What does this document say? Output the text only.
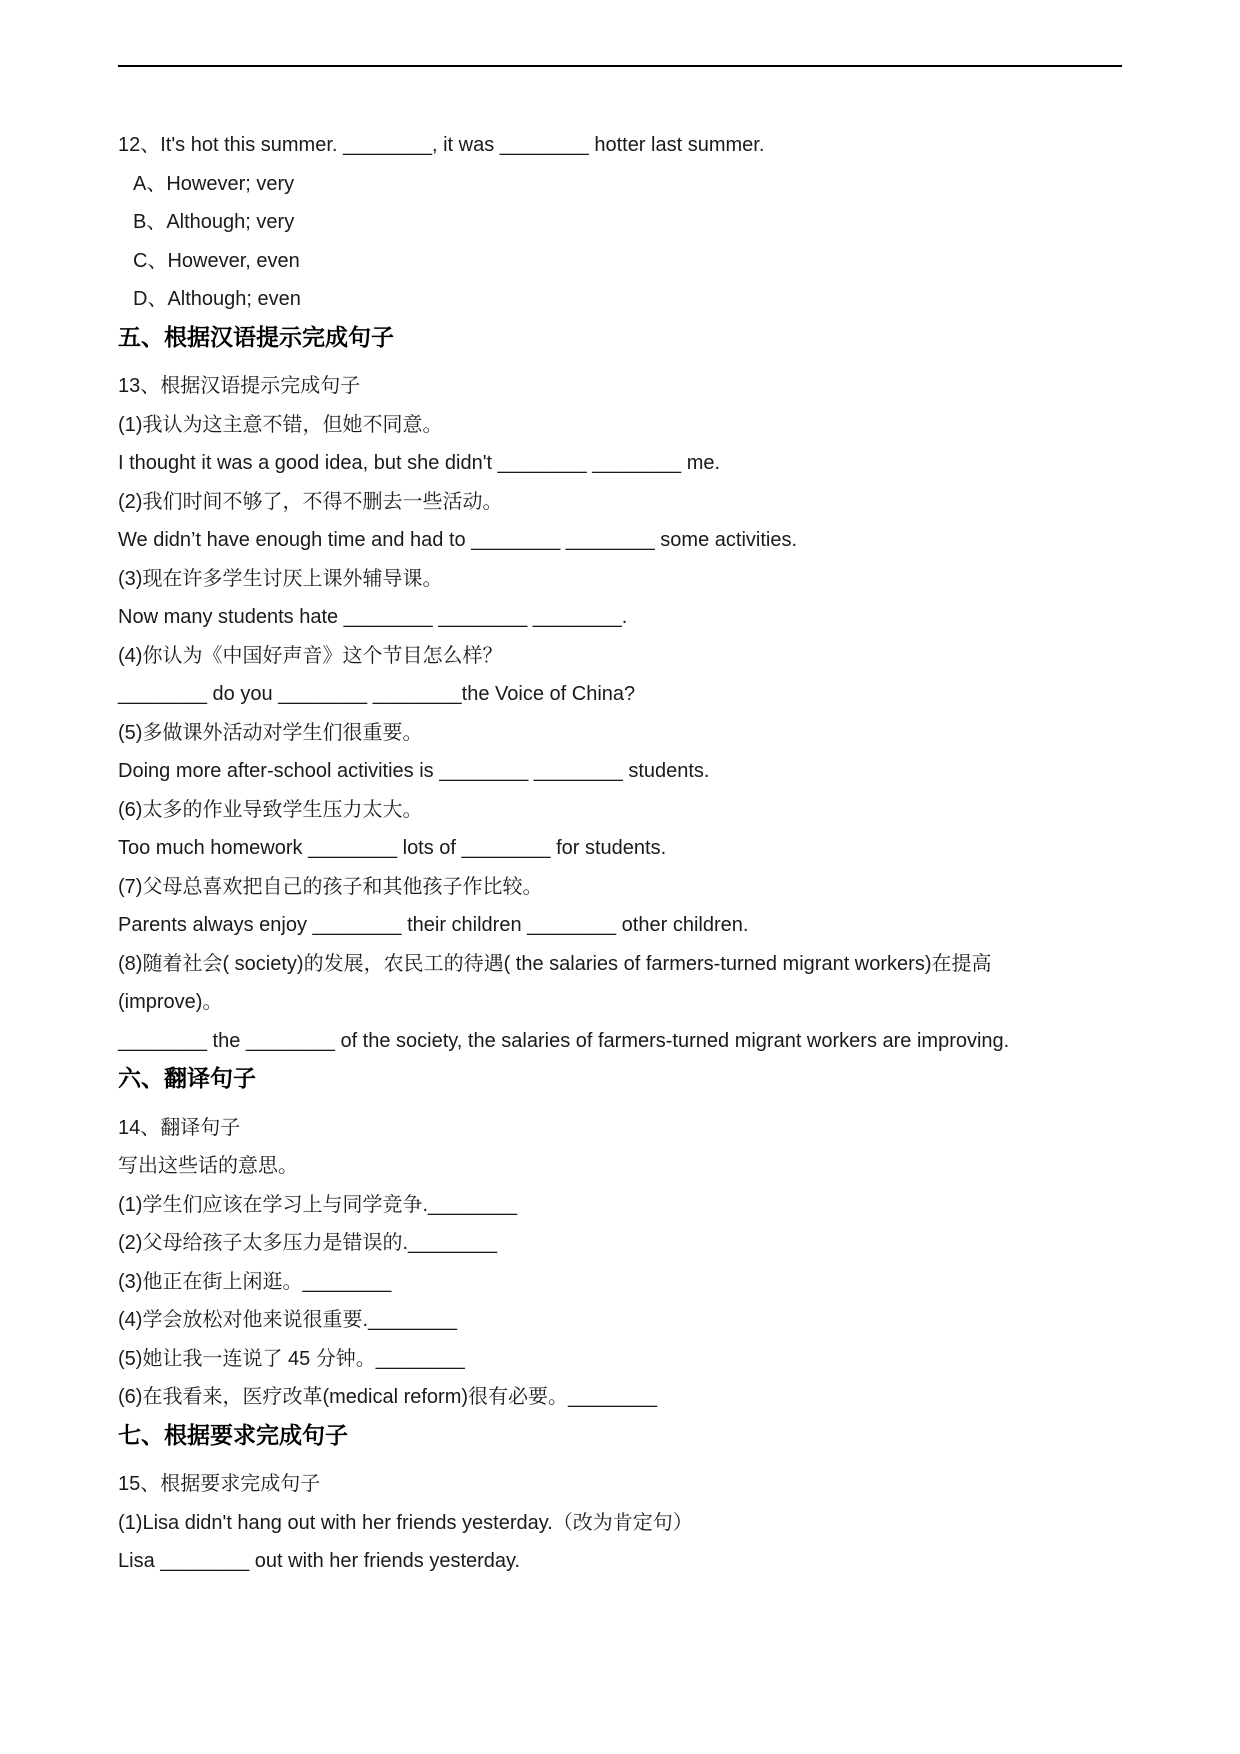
12、It's hot this summer. ________, it was ________ hotter last summer.
A、However; very
B、Although; very
C、However, even
D、Although; even
五、根据汉语提示完成句子
13、根据汉语提示完成句子
(1)我认为这主意不错，但她不同意。
I thought it was a good idea, but she didn't ________ ________ me.
(2)我们时间不够了，不得不删去一些活动。
We didn’t have enough time and had to ________ ________ some activities.
(3)现在许多学生讨厌上课外辅导课。
Now many students hate ________ ________ ________.
(4)你认为《中国好声音》这个节目怎么样？
________ do you ________ ________the Voice of China?
(5)多做课外活动对学生们很重要。
Doing more after-school activities is ________ ________ students.
(6)太多的作业导致学生压力太大。
Too much homework ________ lots of ________ for students.
(7)父母总喜欢把自己的孩子和其他孩子作比较。
Parents always enjoy ________ their children ________ other children.
(8)随着社会( society)的发展，农民工的待遇( the salaries of farmers-turned migrant workers)在提高(improve)。
________ the ________ of the society, the salaries of farmers-turned migrant workers are improving.
六、翻译句子
14、翻译句子
写出这些话的意思。
(1)学生们应该在学习上与同学竞争.________
(2)父母给孩子太多压力是错误的.________
(3)他正在街上闲逛。________
(4)学会放松对他来说很重要.________
(5)她让我一连说了 45 分钟。________
(6)在我看来，医疗改革(medical reform)很有必要。________
七、根据要求完成句子
15、根据要求完成句子
(1)Lisa didn't hang out with her friends yesterday.（改为肯定句）
Lisa ________ out with her friends yesterday.
